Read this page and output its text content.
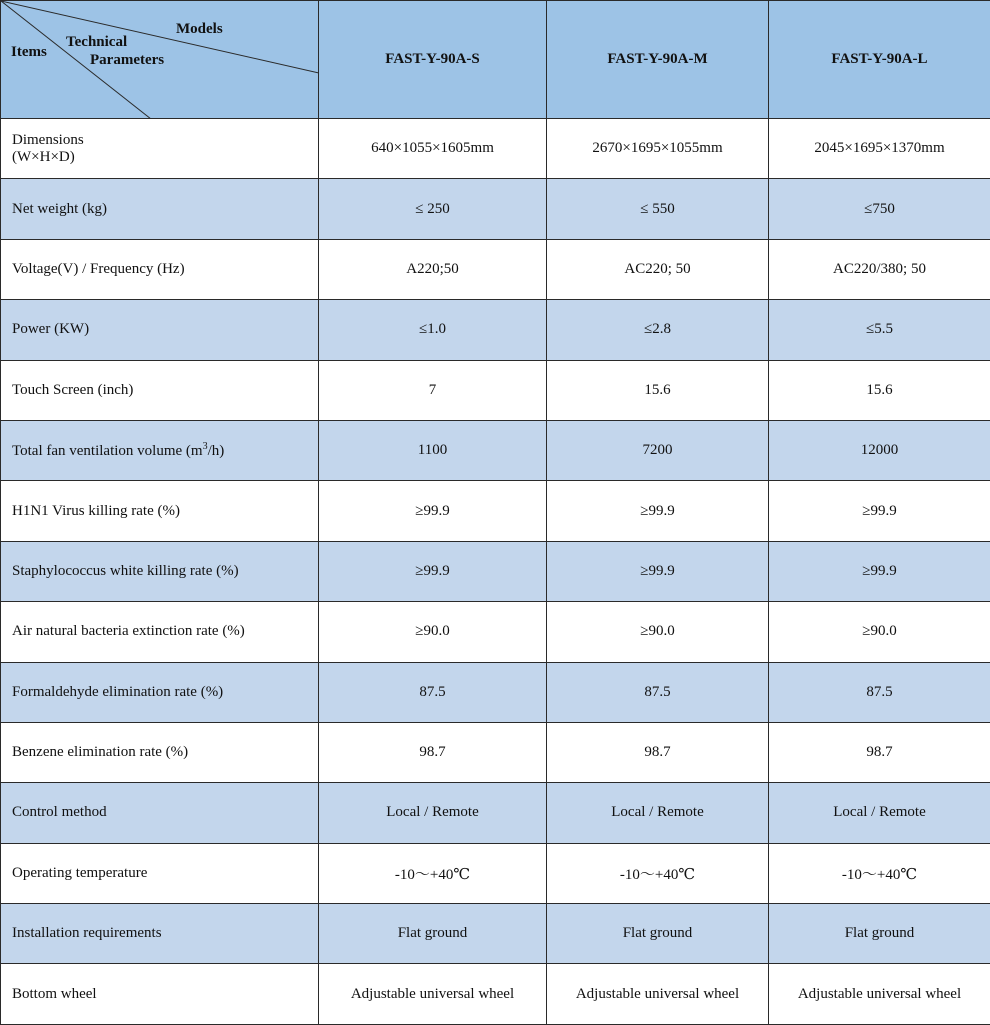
Models
Technical
Parameters
Items	FAST-Y-90A-S	FAST-Y-90A-M	FAST-Y-90A-L

Dimensions
(W×H×D)	640×1055×1605mm	2670×1695×1055mm	2045×1695×1370mm
Net weight (kg)	≤ 250	≤ 550	≤750
Voltage(V) / Frequency (Hz)	A220;50	AC220; 50	AC220/380; 50
Power (KW)	≤1.0	≤2.8	≤5.5
Touch Screen (inch)	7	15.6	15.6
Total fan ventilation volume $(m^3/h)$	1100	7200	12000
H1N1 Virus killing rate (%)	≥99.9	≥99.9	≥99.9
Staphylococcus white killing rate (%)	≥99.9	≥99.9	≥99.9
Air natural bacteria extinction rate (%)	≥90.0	≥90.0	≥90.0
Formaldehyde elimination rate (%)	87.5	87.5	87.5
Benzene elimination rate (%)	98.7	98.7	98.7
Control method	Local / Remote	Local / Remote	Local / Remote
Operating temperature	-10～+40℃	-10～+40℃	-10～+40℃
Installation requirements	Flat ground	Flat ground	Flat ground
Bottom wheel	Adjustable universal wheel	Adjustable universal wheel	Adjustable universal wheel
